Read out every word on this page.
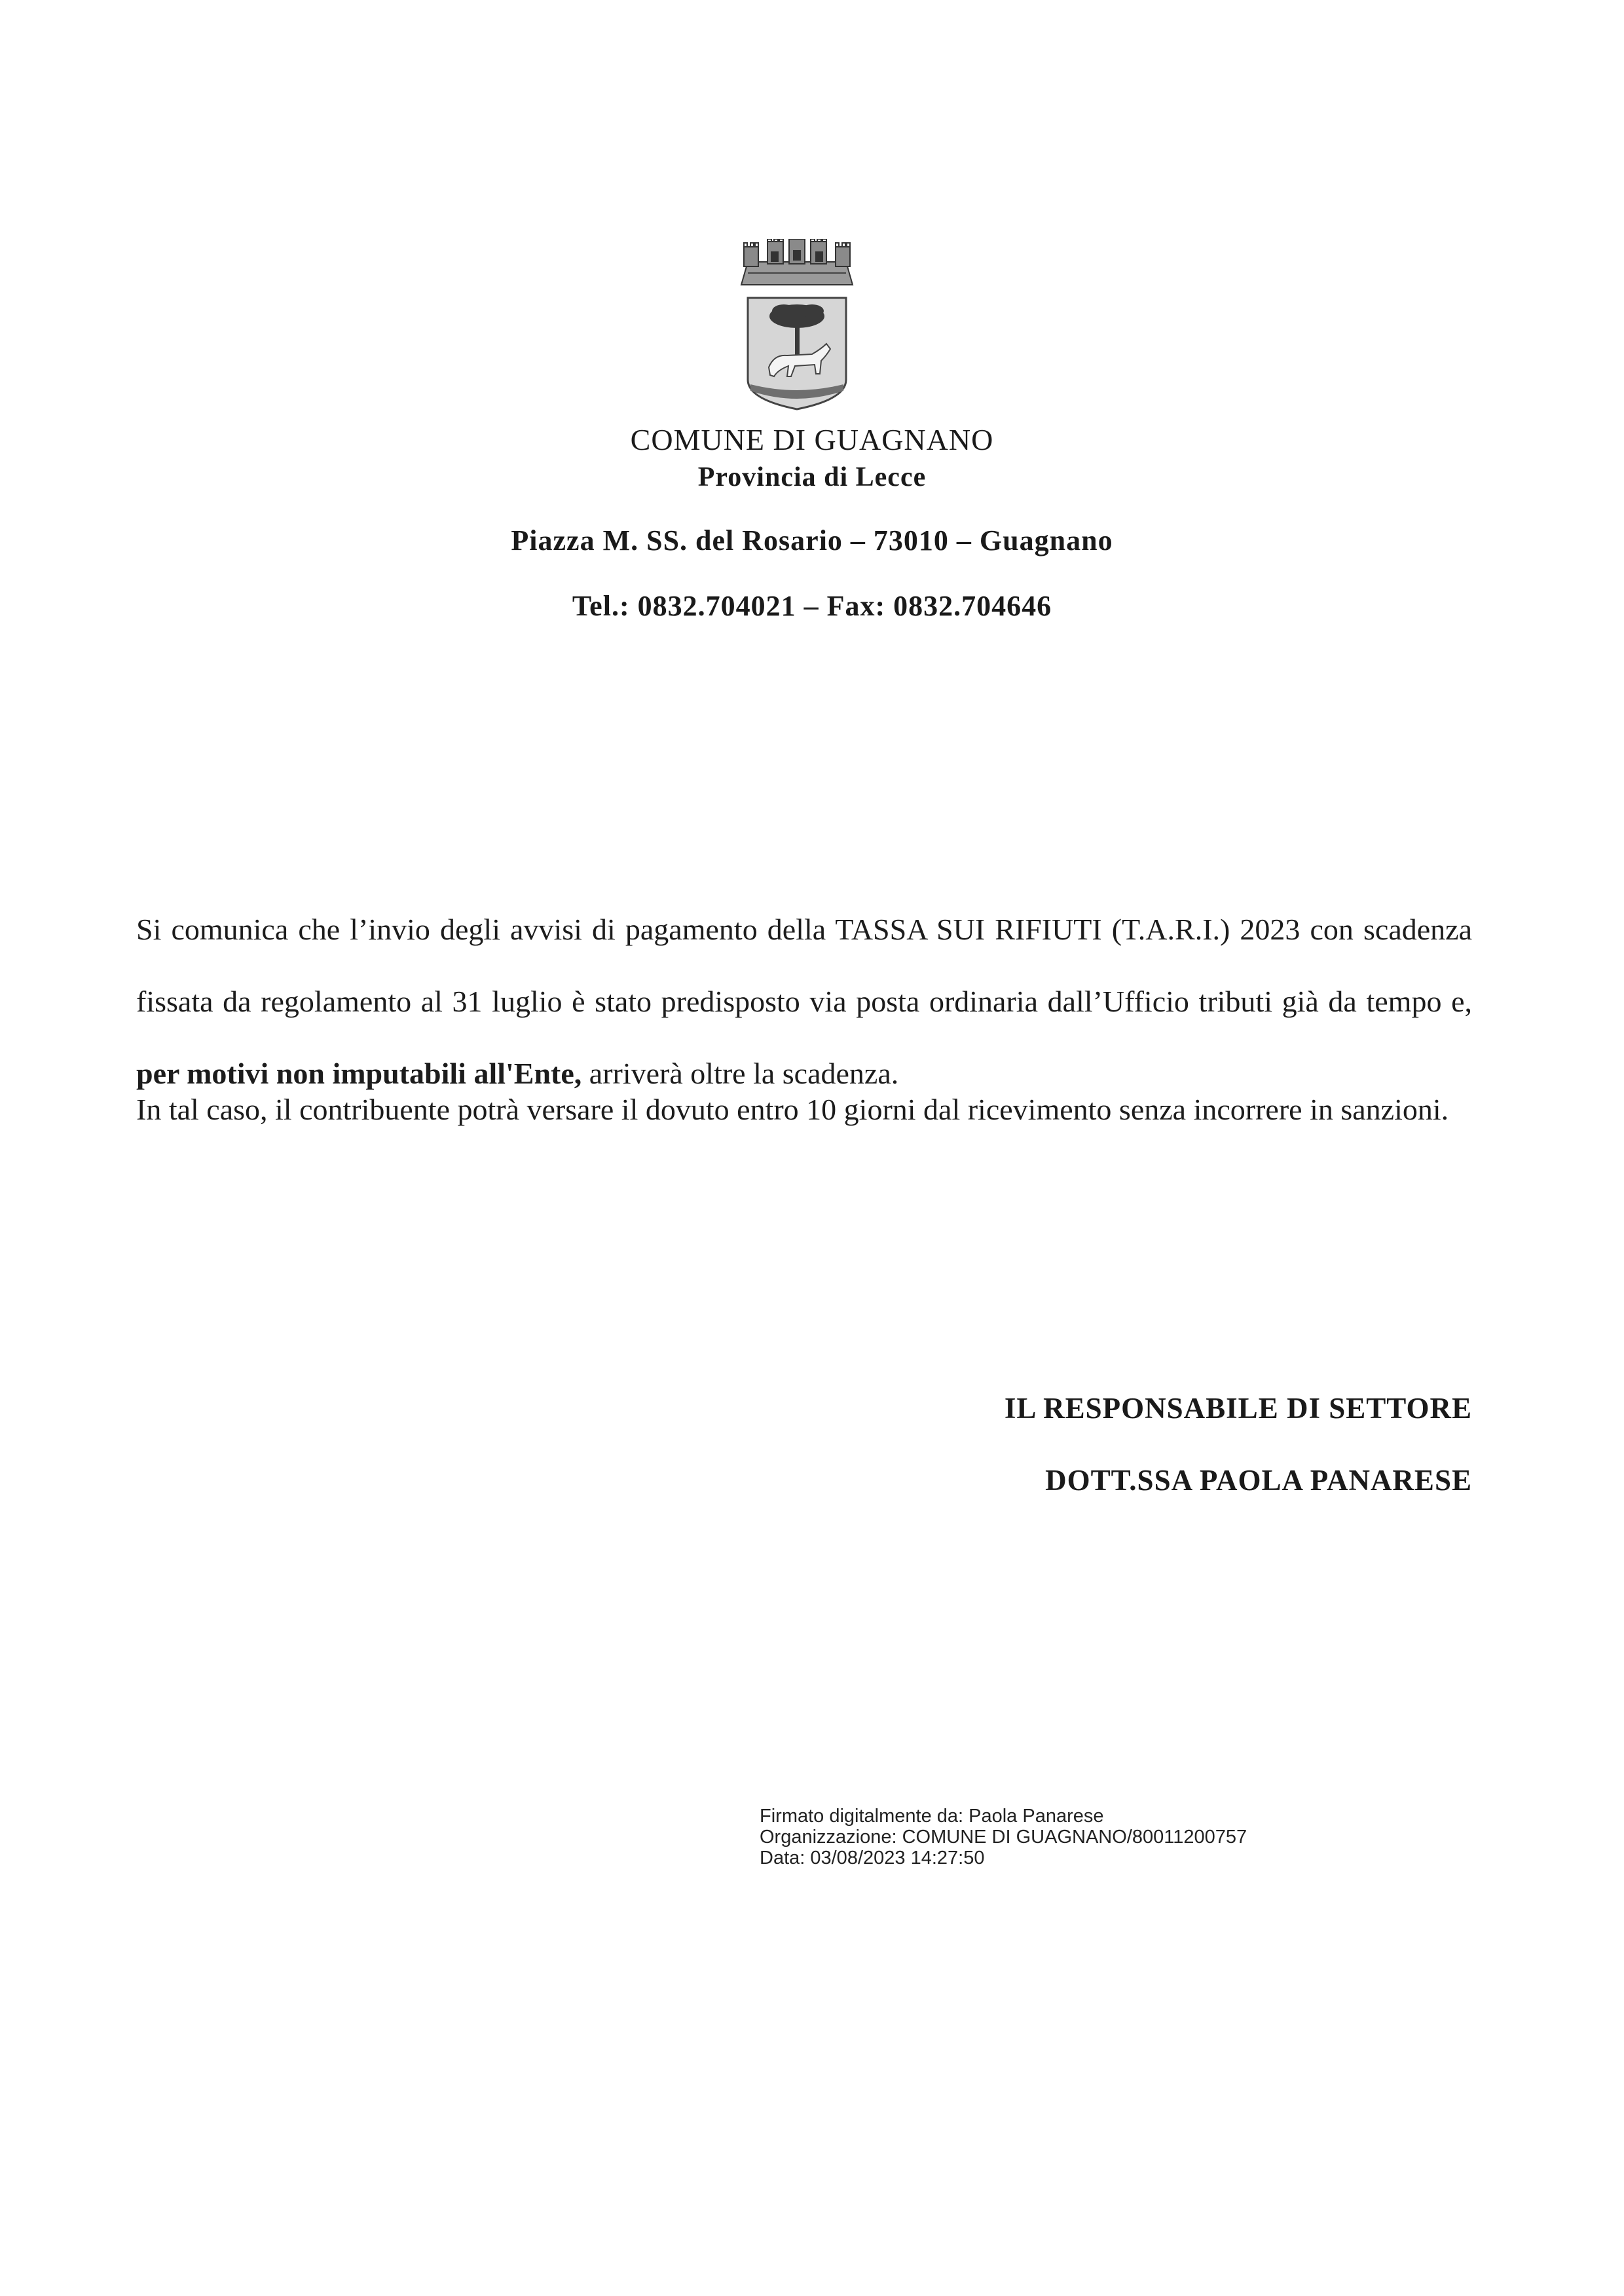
COMUNE DI GUAGNANO
Provincia di Lecce
Piazza M. SS. del Rosario – 73010 – Guagnano
Tel.: 0832.704021 – Fax: 0832.704646
Si comunica che l’invio degli avvisi di pagamento della TASSA SUI RIFIUTI (T.A.R.I.) 2023 con scadenza fissata da regolamento al 31 luglio è stato predisposto via posta ordinaria dall’Ufficio tributi già da tempo e, per motivi non imputabili all'Ente, arriverà oltre la scadenza.
In tal caso, il contribuente potrà versare il dovuto entro 10 giorni dal ricevimento senza incorrere in sanzioni.
IL RESPONSABILE DI SETTORE
DOTT.SSA PAOLA PANARESE
Firmato digitalmente da: Paola Panarese
Organizzazione: COMUNE DI GUAGNANO/80011200757
Data: 03/08/2023 14:27:50
